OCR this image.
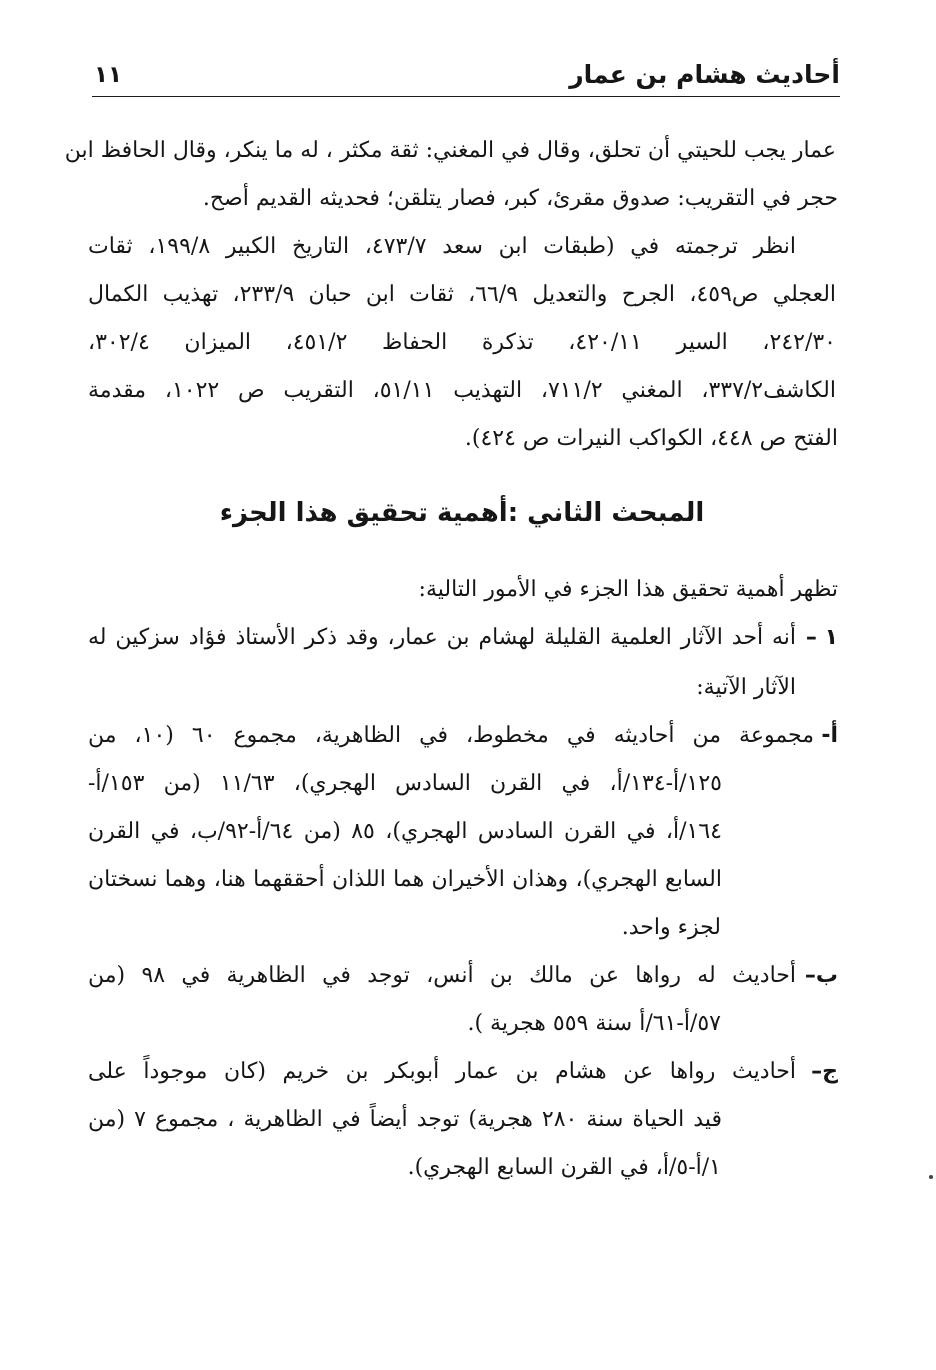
أحاديث هشام بن عمار
١١
عمار يجب للحيتي أن تحلق، وقال في المغني: ثقة مكثر ، له ما ينكر، وقال الحافظ ابن
حجر في التقريب: صدوق مقرئ، كبر، فصار يتلقن؛ فحديثه القديم أصح.
انظر ترجمته في (طبقات ابن سعد ٤٧٣/٧، التاريخ الكبير ١٩٩/٨، ثقات
العجلي ص٤٥٩، الجرح والتعديل ٦٦/٩، ثقات ابن حبان ٢٣٣/٩، تهذيب الكمال
٢٤٢/٣٠، السير ٤٢٠/١١، تذكرة الحفاظ ٤٥١/٢، الميزان ٣٠٢/٤،
الكاشف٣٣٧/٢، المغني ٧١١/٢، التهذيب ٥١/١١، التقريب ص ١٠٢٢، مقدمة
الفتح ص ٤٤٨، الكواكب النيرات ص ٤٢٤).
المبحث الثاني :أهمية تحقيق هذا الجزء
تظهر أهمية تحقيق هذا الجزء في الأمور التالية:
١ –
أنه أحد الآثار العلمية القليلة لهشام بن عمار، وقد ذكر الأستاذ فؤاد سزكين له
الآثار الآتية:
أ-
مجموعة من أحاديثه في مخطوط، في الظاهرية، مجموع ٦٠ (١٠، من
١٢٥/أ-١٣٤/أ، في القرن السادس الهجري)، ١١/٦٣ (من ١٥٣/أ-
١٦٤/أ، في القرن السادس الهجري)، ٨٥ (من ٦٤/أ-٩٢/ب، في القرن
السابع الهجري)، وهذان الأخيران هما اللذان أحققهما هنا، وهما نسختان
لجزء واحد.
ب–
أحاديث له رواها عن مالك بن أنس، توجد في الظاهرية في ٩٨ (من
٥٧/أ-٦١/أ سنة ٥٥٩ هجرية ).
ج–
أحاديث رواها عن هشام بن عمار أبوبكر بن خريم (كان موجوداً على
قيد الحياة سنة ٢٨٠ هجرية) توجد أيضاً في الظاهرية ، مجموع ٧ (من
١/أ-٥/أ، في القرن السابع الهجري).
